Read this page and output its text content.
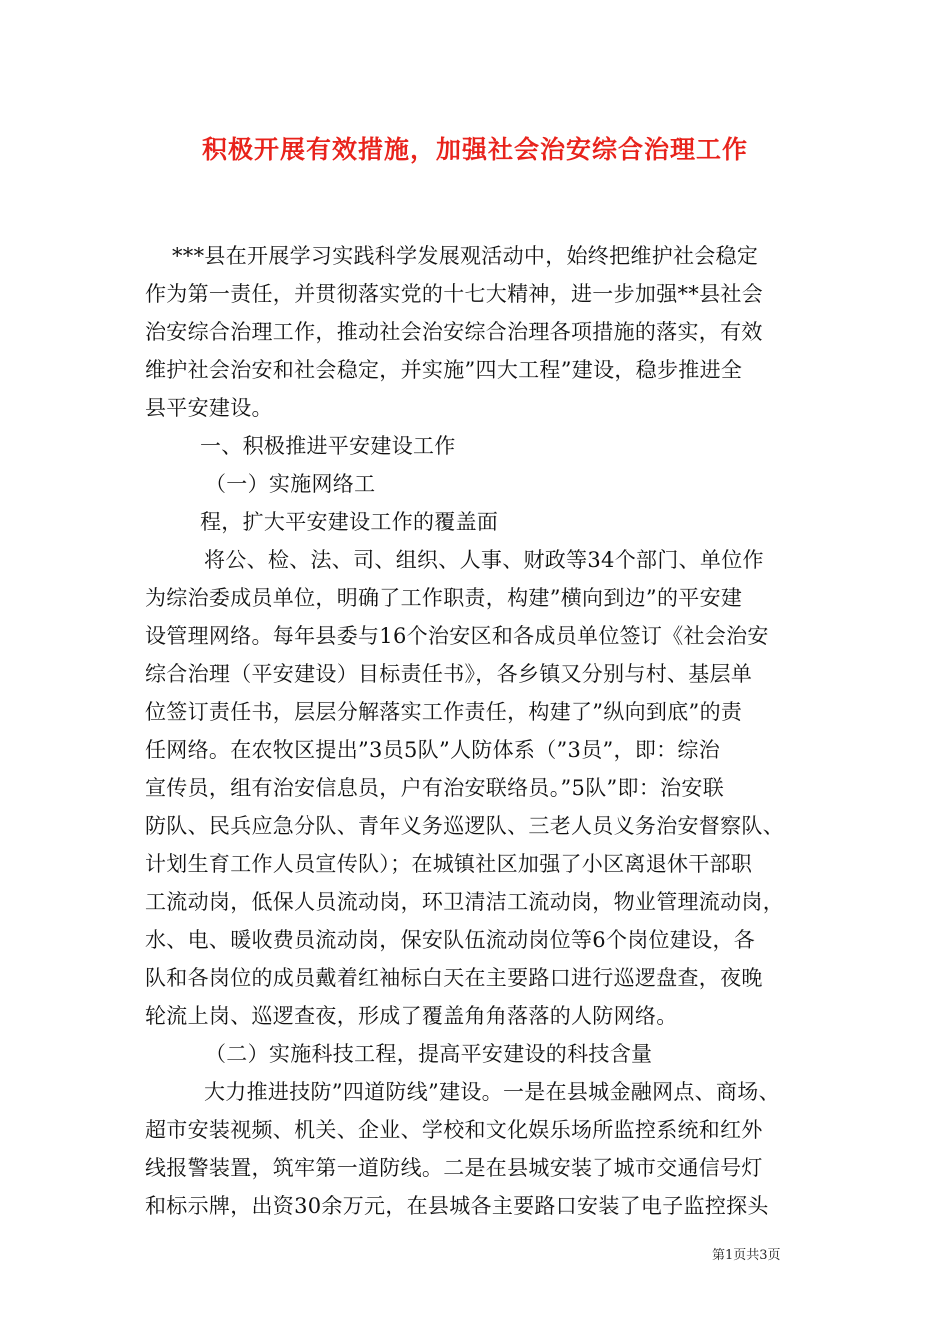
积极开展有效措施，加强社会治安综合治理工作
***县在开展学习实践科学发展观活动中，始终把维护社会稳定
作为第一责任，并贯彻落实党的十七大精神，进一步加强**县社会
治安综合治理工作，推动社会治安综合治理各项措施的落实，有效
维护社会治安和社会稳定，并实施”四大工程”建设，稳步推进全
县平安建设。
一、积极推进平安建设工作
（一）实施网络工
程，扩大平安建设工作的覆盖面
将公、检、法、司、组织、人事、财政等34个部门、单位作
为综治委成员单位，明确了工作职责，构建”横向到边”的平安建
设管理网络。每年县委与16个治安区和各成员单位签订《社会治安
综合治理（平安建设）目标责任书》，各乡镇又分别与村、基层单
位签订责任书，层层分解落实工作责任，构建了”纵向到底”的责
任网络。在农牧区提出”3员5队”人防体系（”3员”，即：综治
宣传员，组有治安信息员，户有治安联络员。”5队”即：治安联
防队、民兵应急分队、青年义务巡逻队、三老人员义务治安督察队、
计划生育工作人员宣传队）；在城镇社区加强了小区离退休干部职
工流动岗，低保人员流动岗，环卫清洁工流动岗，物业管理流动岗，
水、电、暖收费员流动岗，保安队伍流动岗位等6个岗位建设，各
队和各岗位的成员戴着红袖标白天在主要路口进行巡逻盘查，夜晚
轮流上岗、巡逻查夜，形成了覆盖角角落落的人防网络。
（二）实施科技工程，提高平安建设的科技含量
大力推进技防”四道防线”建设。一是在县城金融网点、商场、
超市安装视频、机关、企业、学校和文化娱乐场所监控系统和红外
线报警装置，筑牢第一道防线。二是在县城安装了城市交通信号灯
和标示牌，出资30余万元，在县城各主要路口安装了电子监控探头
第1页共3页
